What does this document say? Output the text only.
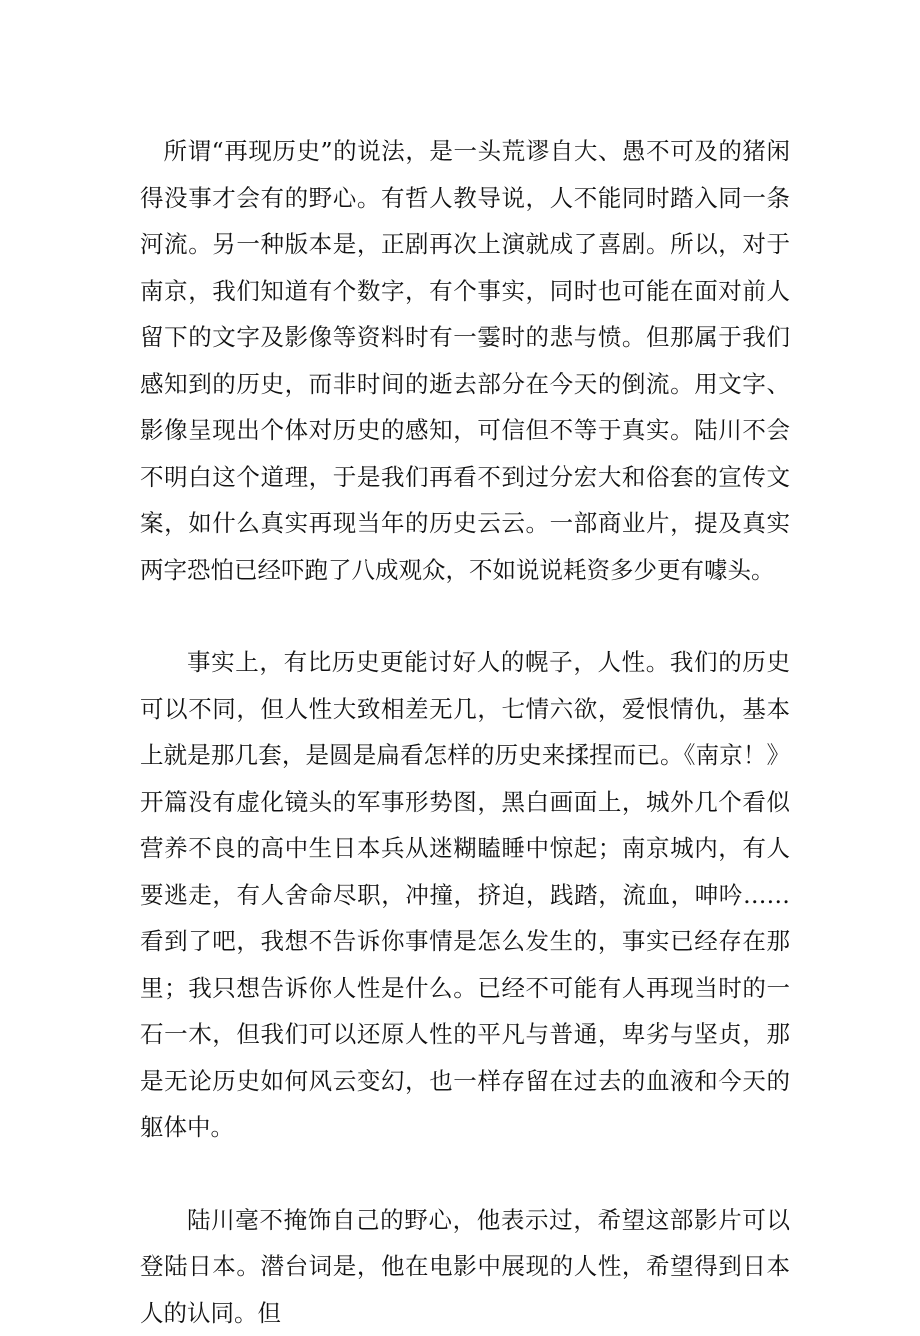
所谓“再现历史”的说法，是一头荒谬自大、愚不可及的猪闲得没事才会有的野心。有哲人教导说，人不能同时踏入同一条河流。另一种版本是，正剧再次上演就成了喜剧。所以，对于南京，我们知道有个数字，有个事实，同时也可能在面对前人留下的文字及影像等资料时有一霎时的悲与愤。但那属于我们感知到的历史，而非时间的逝去部分在今天的倒流。用文字、影像呈现出个体对历史的感知，可信但不等于真实。陆川不会不明白这个道理，于是我们再看不到过分宏大和俗套的宣传文案，如什么真实再现当年的历史云云。一部商业片，提及真实两字恐怕已经吓跑了八成观众，不如说说耗资多少更有噱头。

事实上，有比历史更能讨好人的幌子，人性。我们的历史可以不同，但人性大致相差无几，七情六欲，爱恨情仇，基本上就是那几套，是圆是扁看怎样的历史来揉捏而已。《南京！》开篇没有虚化镜头的军事形势图，黑白画面上，城外几个看似营养不良的高中生日本兵从迷糊瞌睡中惊起；南京城内，有人要逃走，有人舍命尽职，冲撞，挤迫，践踏，流血，呻吟……看到了吧，我想不告诉你事情是怎么发生的，事实已经存在那里；我只想告诉你人性是什么。已经不可能有人再现当时的一石一木，但我们可以还原人性的平凡与普通，卑劣与坚贞，那是无论历史如何风云变幻，也一样存留在过去的血液和今天的躯体中。

陆川毫不掩饰自己的野心，他表示过，希望这部影片可以登陆日本。潜台词是，他在电影中展现的人性，希望得到日本人的认同。但
